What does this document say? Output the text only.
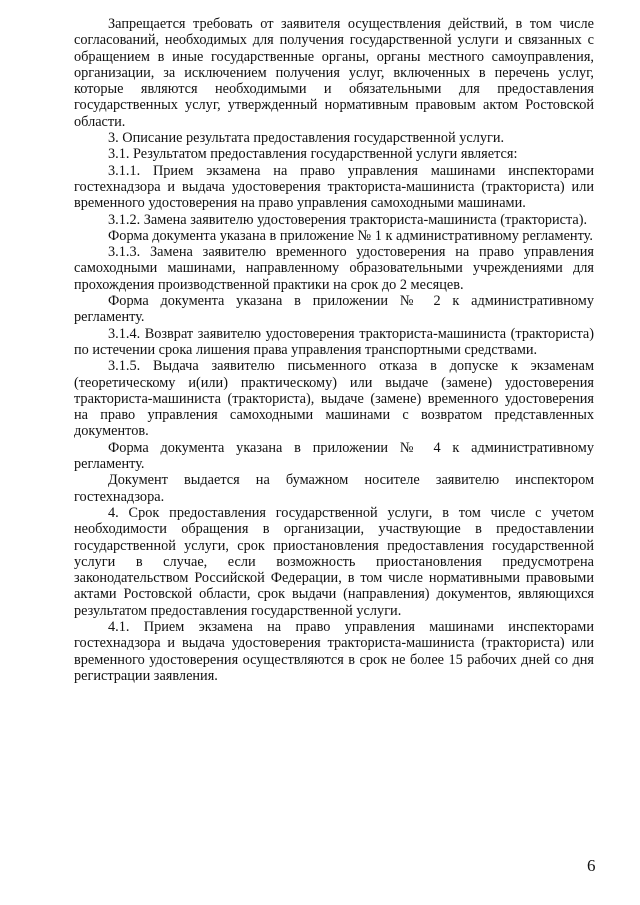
Запрещается требовать от заявителя осуществления действий, в том числе согласований, необходимых для получения государственной услуги и связанных с обращением в иные государственные органы, органы местного самоуправления, организации, за исключением получения услуг, включенных в перечень услуг, которые являются необходимыми и обязательными для предоставления государственных услуг, утвержденный нормативным правовым актом Ростовской области.

3. Описание результата предоставления государственной услуги.

3.1. Результатом предоставления государственной услуги является:

3.1.1. Прием экзамена на право управления машинами инспекторами гостехнадзора и выдача удостоверения тракториста-машиниста (тракториста) или временного удостоверения на право управления самоходными машинами.

3.1.2. Замена заявителю удостоверения тракториста-машиниста (тракториста).

Форма документа указана в приложение № 1 к административному регламенту.

3.1.3. Замена заявителю временного удостоверения на право управления самоходными машинами, направленному образовательными учреждениями для прохождения производственной практики на срок до 2 месяцев.

Форма документа указана в приложении № 2 к административному регламенту.

3.1.4. Возврат заявителю удостоверения тракториста-машиниста (тракториста) по истечении срока лишения права управления транспортными средствами.

3.1.5. Выдача заявителю письменного отказа в допуске к экзаменам (теоретическому и(или) практическому) или выдаче (замене) удостоверения тракториста-машиниста (тракториста), выдаче (замене) временного удостоверения на право управления самоходными машинами с возвратом представленных документов.

Форма документа указана в приложении № 4 к административному регламенту.

Документ выдается на бумажном носителе заявителю инспектором гостехнадзора.

4. Срок предоставления государственной услуги, в том числе с учетом необходимости обращения в организации, участвующие в предоставлении государственной услуги, срок приостановления предоставления государственной услуги в случае, если возможность приостановления предусмотрена законодательством Российской Федерации, в том числе нормативными правовыми актами Ростовской области, срок выдачи (направления) документов, являющихся результатом предоставления государственной услуги.

4.1. Прием экзамена на право управления машинами инспекторами гостехнадзора и выдача удостоверения тракториста-машиниста (тракториста) или временного удостоверения осуществляются в срок не более 15 рабочих дней со дня регистрации заявления.

6
